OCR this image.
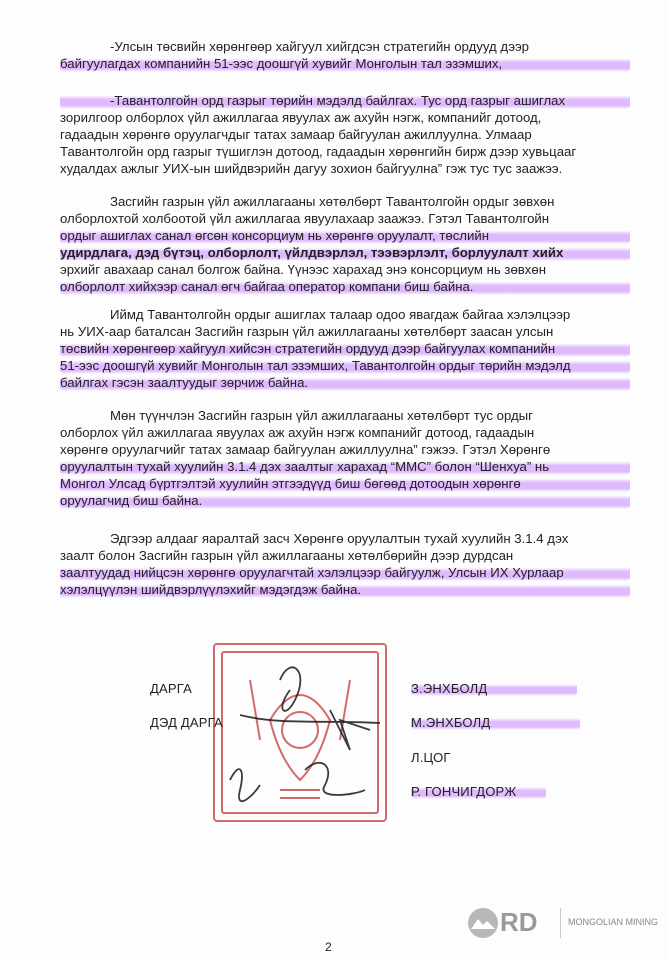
-Улсын төсвийн хөрөнгөөр хайгуул хийгдсэн стратегийн ордууд дээр
байгуулагдах компанийн 51-ээс доошгүй хувийг Монголын тал эзэмших,
-Тавантолгойн орд газрыг төрийн мэдэлд байлгах. Тус орд газрыг ашиглах
зорилгоор олборлох үйл ажиллагаа явуулах аж ахуйн нэгж, компанийг дотоод,
гадаадын хөрөнгө оруулагчдыг татах замаар байгуулан ажиллуулна. Улмаар
Тавантолгойн орд газрыг түшиглэн дотоод, гадаадын хөрөнгийн бирж дээр хувьцааг
худалдах ажлыг УИХ-ын шийдвэрийн дагуу зохион байгуулна” гэж тус тус заажээ.
Засгийн газрын үйл ажиллагааны хөтөлбөрт Тавантолгойн ордыг зөвхөн
олборлохтой холбоотой үйл ажиллагаа явуулахаар заажээ. Гэтэл Тавантолгойн
ордыг ашиглах санал өгсөн консорциум нь хөрөнгө оруулалт, төслийн
удирдлага, дэд бүтэц, олборлолт, үйлдвэрлэл, тээвэрлэлт, борлуулалт хийх
эрхийг авахаар санал болгож байна. Үүнээс харахад энэ консорциум нь зөвхөн
олборлолт хийхээр санал өгч байгаа оператор компани биш байна.
Иймд Тавантолгойн ордыг ашиглах талаар одоо явагдаж байгаа хэлэлцээр
нь УИХ-аар баталсан Засгийн газрын үйл ажиллагааны хөтөлбөрт заасан улсын
төсвийн хөрөнгөөр хайгуул хийсэн стратегийн ордууд дээр байгуулах компанийн
51-ээс доошгүй хувийг Монголын тал эзэмших, Тавантолгойн ордыг төрийн мэдэлд
байлгах гэсэн заалтуудыг зөрчиж байна.
Мөн түүнчлэн Засгийн газрын үйл ажиллагааны хөтөлбөрт тус ордыг
олборлох үйл ажиллагаа явуулах аж ахуйн нэгж компанийг дотоод, гадаадын
хөрөнгө оруулагчийг татах замаар байгуулан ажиллуулна” гэжээ. Гэтэл Хөрөнгө
оруулалтын тухай хуулийн 3.1.4 дэх заалтыг харахад “ММС” болон “Шенхуа” нь
Монгол Улсад бүртгэлтэй хуулийн этгээдүүд биш бөгөөд дотоодын хөрөнгө
оруулагчид биш байна.
Эдгээр алдааг яаралтай засч Хөрөнгө оруулалтын тухай хуулийн 3.1.4 дэх
заалт болон Засгийн газрын үйл ажиллагааны хөтөлбөрийн дээр дурдсан
заалтуудад нийцсэн хөрөнгө оруулагчтай хэлэлцээр байгуулж, Улсын ИХ Хурлаар
хэлэлцүүлэн шийдвэрлүүлэхийг мэдэгдэж байна.
ДАРГА	З.ЭНХБОЛД
ДЭД ДАРГА	М.ЭНХБОЛД
Л.ЦОГ
Р. ГОНЧИГДОРЖ
RD	MONGOLIAN MINING
2
